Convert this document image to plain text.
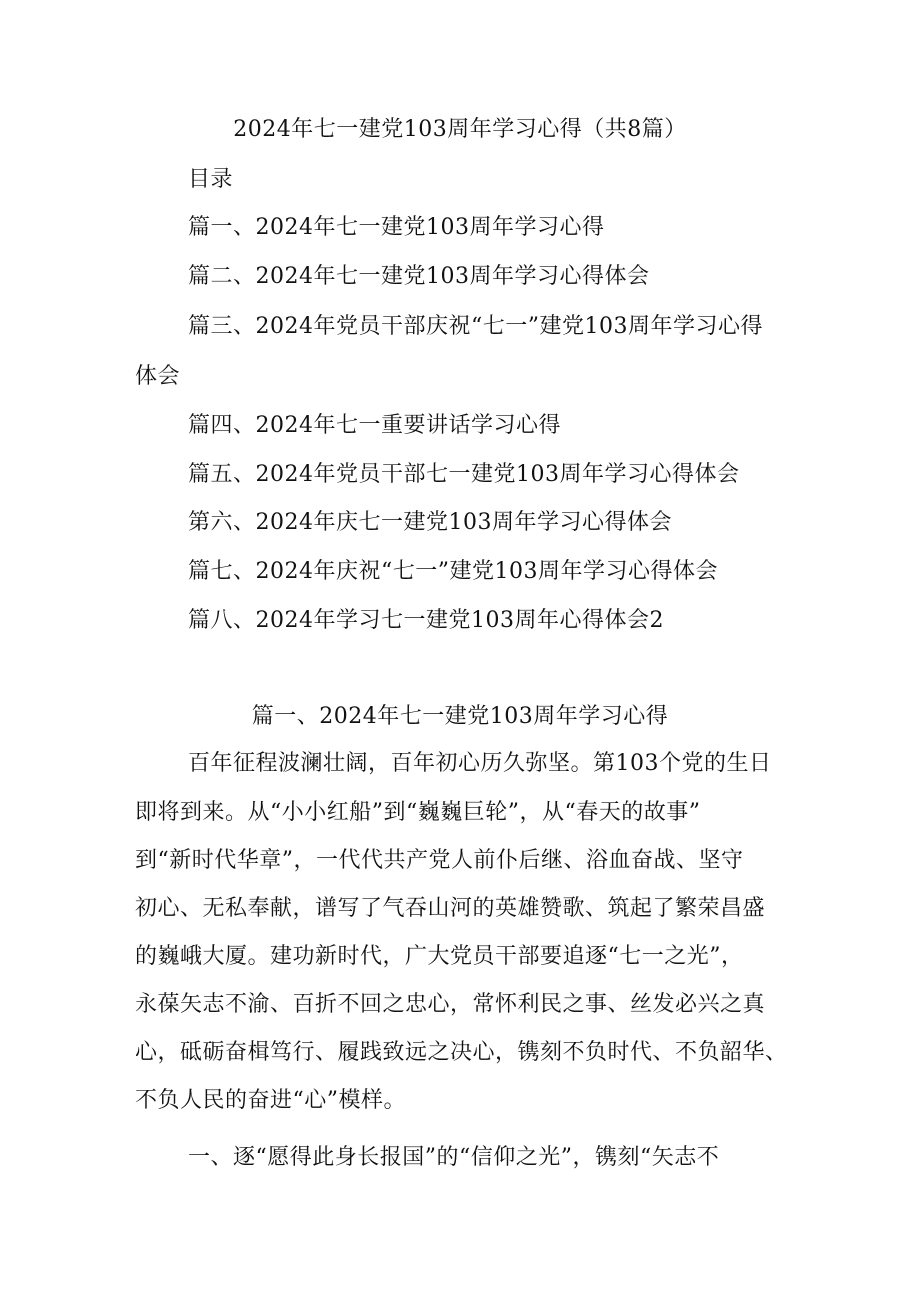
2024年七一建党103周年学习心得（共8篇）
目录
篇一、2024年七一建党103周年学习心得
篇二、2024年七一建党103周年学习心得体会
篇三、2024年党员干部庆祝“七一”建党103周年学习心得
体会
篇四、2024年七一重要讲话学习心得
篇五、2024年党员干部七一建党103周年学习心得体会
第六、2024年庆七一建党103周年学习心得体会
篇七、2024年庆祝“七一”建党103周年学习心得体会
篇八、2024年学习七一建党103周年心得体会2
篇一、2024年七一建党103周年学习心得
百年征程波澜壮阔，百年初心历久弥坚。第103个党的生日
即将到来。从“小小红船”到“巍巍巨轮”，从“春天的故事”
到“新时代华章”，一代代共产党人前仆后继、浴血奋战、坚守
初心、无私奉献，谱写了气吞山河的英雄赞歌、筑起了繁荣昌盛
的巍峨大厦。建功新时代，广大党员干部要追逐“七一之光”，
永葆矢志不渝、百折不回之忠心，常怀利民之事、丝发必兴之真
心，砥砺奋楫笃行、履践致远之决心，镌刻不负时代、不负韶华、
不负人民的奋进“心”模样。
一、逐“愿得此身长报国”的“信仰之光”，镌刻“矢志不
